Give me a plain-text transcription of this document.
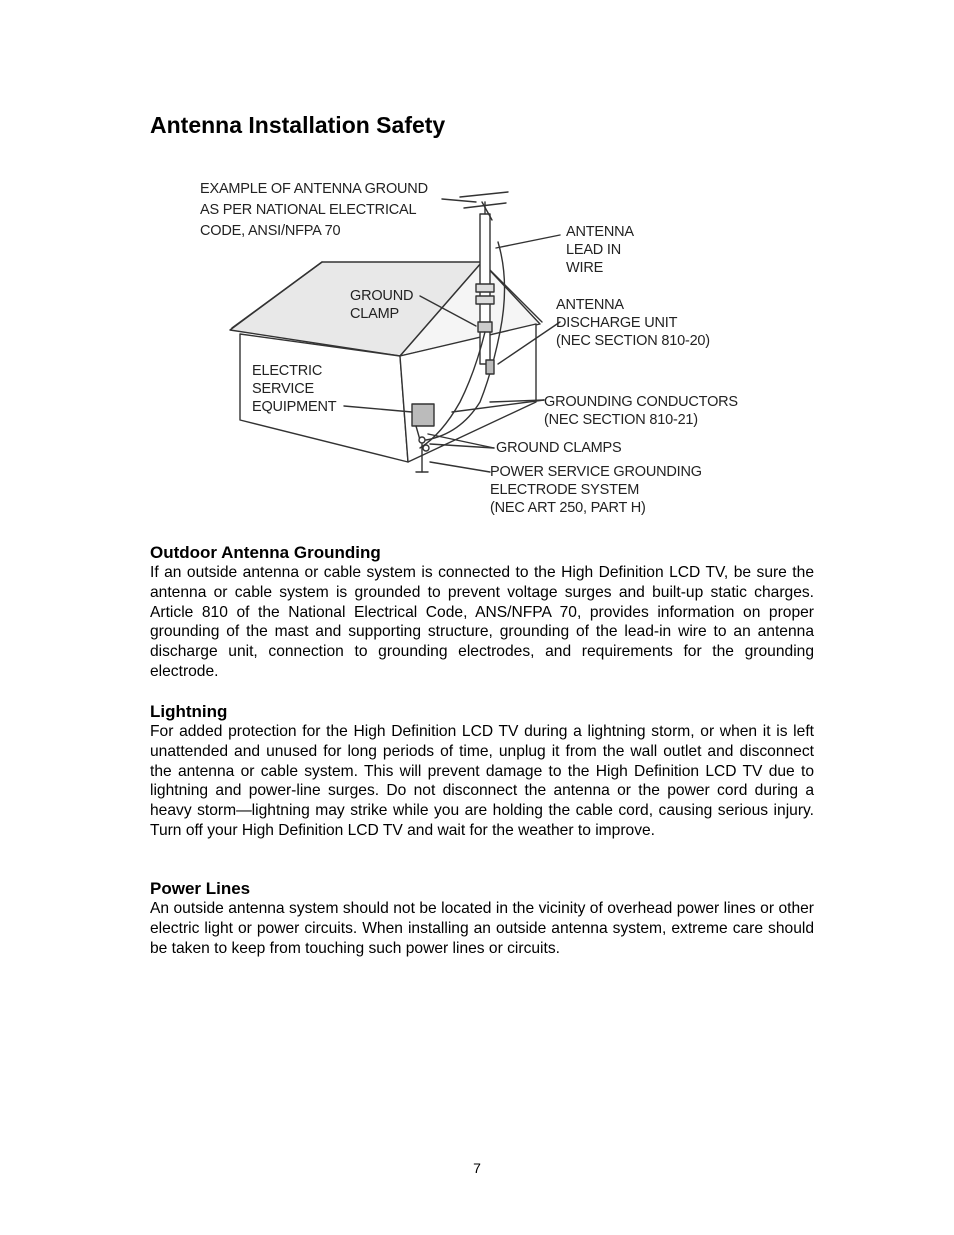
Antenna Installation Safety
EXAMPLE OF ANTENNA GROUND AS PER NATIONAL ELECTRICAL CODE, ANSI/NFPA 70	ANTENNA LEAD IN WIRE
GROUND CLAMP
ANTENNA DISCHARGE UNIT (NEC SECTION 810-20)
ELECTRIC SERVICE EQUIPMENT	GROUNDING CONDUCTORS (NEC SECTION 810-21)
GROUND CLAMPS
POWER SERVICE GROUNDING ELECTRODE SYSTEM (NEC ART 250, PART H)
Outdoor Antenna Grounding

If an outside antenna or cable system is connected to the High Definition LCD TV, be sure the antenna or cable system is grounded to prevent voltage surges and built-up static charges. Article 810 of the National Electrical Code, ANS/NFPA 70, provides information on proper grounding of the mast and supporting structure, grounding of the lead-in wire to an antenna discharge unit, connection to grounding electrodes, and requirements for the grounding electrode.

Lightning

For added protection for the High Definition LCD TV during a lightning storm, or when it is left unattended and unused for long periods of time, unplug it from the wall outlet and disconnect the antenna or cable system. This will prevent damage to the High Definition LCD TV due to lightning and power-line surges. Do not disconnect the antenna or the power cord during a heavy storm—lightning may strike while you are holding the cable cord, causing serious injury. Turn off your High Definition LCD TV and wait for the weather to improve.

Power Lines

An outside antenna system should not be located in the vicinity of overhead power lines or other electric light or power circuits. When installing an outside antenna system, extreme care should be taken to keep from touching such power lines or circuits.

7
